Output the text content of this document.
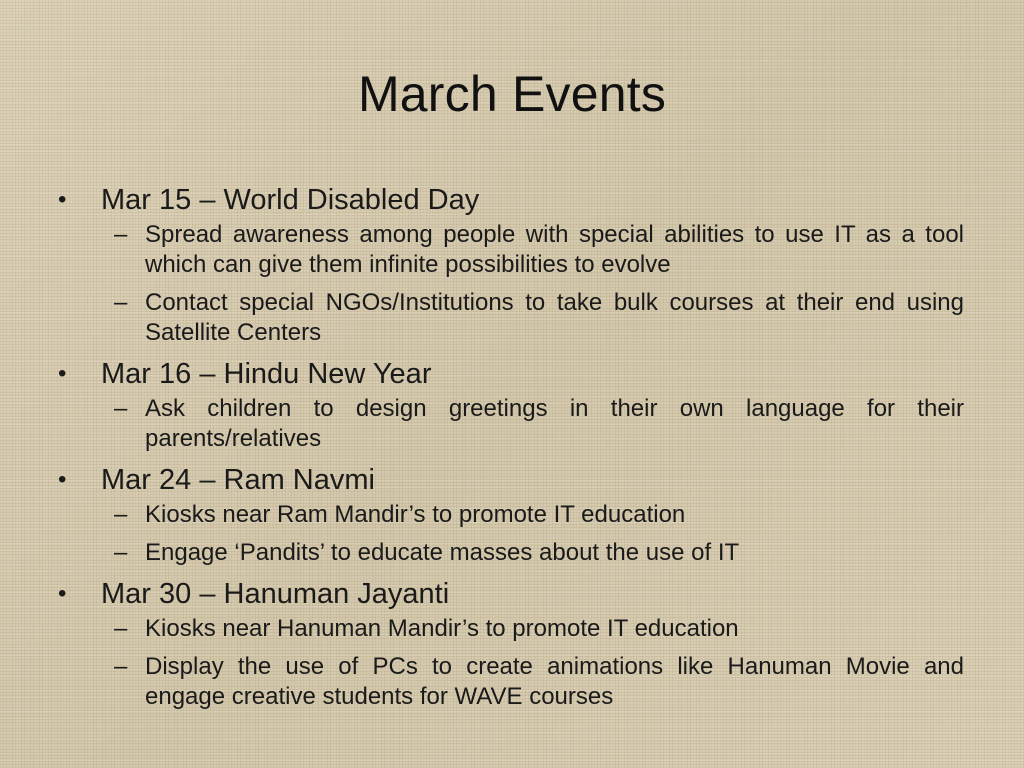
March Events
• Mar 15 – World Disabled Day
– Spread awareness among people with special abilities to use IT as a tool which can give them infinite possibilities to evolve
– Contact special NGOs/Institutions to take bulk courses at their end using Satellite Centers
• Mar 16 – Hindu New Year
– Ask children to design greetings in their own language for their parents/relatives
• Mar 24 – Ram Navmi
– Kiosks near Ram Mandir’s to promote IT education
– Engage ‘Pandits’ to educate masses about the use of IT
• Mar 30 – Hanuman Jayanti
– Kiosks near Hanuman Mandir’s to promote IT education
– Display the use of PCs to create animations like Hanuman Movie and engage creative students for WAVE courses
